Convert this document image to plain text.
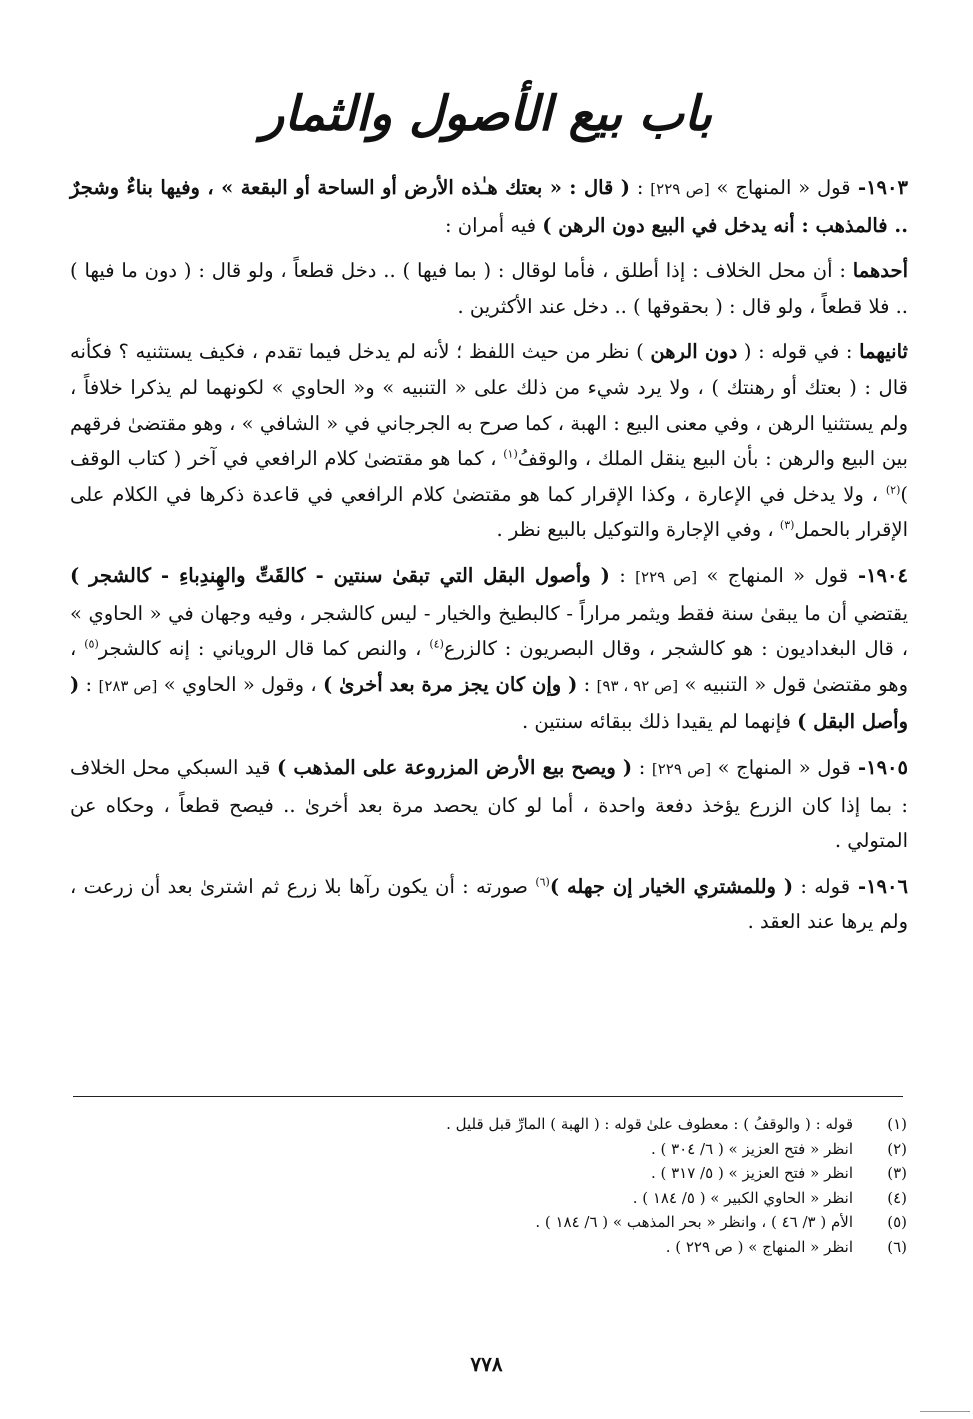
باب بيع الأصول والثمار

١٩٠٣- قول « المنهاج » [ص ٢٢٩] : ( قال : « بعتك هـٰذه الأرض أو الساحة أو البقعة » ، وفيها بناءٌ وشجرٌ .. فالمذهب : أنه يدخل في البيع دون الرهن ) فيه أمران :

أحدهما : أن محل الخلاف : إذا أطلق ، فأما لوقال : ( بما فيها ) .. دخل قطعاً ، ولو قال : ( دون ما فيها ) .. فلا قطعاً ، ولو قال : ( بحقوقها ) .. دخل عند الأكثرين .

ثانيهما : في قوله : ( دون الرهن ) نظر من حيث اللفظ ؛ لأنه لم يدخل فيما تقدم ، فكيف يستثنيه ؟ فكأنه قال : ( بعتك أو رهنتك ) ، ولا يرد شيء من ذلك على « التنبيه » و« الحاوي » لكونهما لم يذكرا خلافاً ، ولم يستثنيا الرهن ، وفي معنى البيع : الهبة ، كما صرح به الجرجاني في « الشافي » ، وهو مقتضىٰ فرقهم بين البيع والرهن : بأن البيع ينقل الملك ، والوقفُ$^{(١)}$ ، كما هو مقتضىٰ كلام الرافعي في آخر ( كتاب الوقف )$^{(٢)}$ ، ولا يدخل في الإعارة ، وكذا الإقرار كما هو مقتضىٰ كلام الرافعي في قاعدة ذكرها في الكلام على الإقرار بالحمل$^{(٣)}$ ، وفي الإجارة والتوكيل بالبيع نظر .

١٩٠٤- قول « المنهاج » [ص ٢٢٩] : ( وأصول البقل التي تبقىٰ سنتين - كالقَتِّ والهِندِباءِ - كالشجر ) يقتضي أن ما يبقىٰ سنة فقط ويثمر مراراً - كالبطيخ والخيار - ليس كالشجر ، وفيه وجهان في « الحاوي » ، قال البغداديون : هو كالشجر ، وقال البصريون : كالزرع$^{(٤)}$ ، والنص كما قال الروياني : إنه كالشجر$^{(٥)}$ ، وهو مقتضىٰ قول « التنبيه » [ص ٩٢ ، ٩٣] : ( وإن كان يجز مرة بعد أخرىٰ ) ، وقول « الحاوي » [ص ٢٨٣] : ( وأصل البقل ) فإنهما لم يقيدا ذلك ببقائه سنتين .

١٩٠٥- قول « المنهاج » [ص ٢٢٩] : ( ويصح بيع الأرض المزروعة على المذهب ) قيد السبكي محل الخلاف : بما إذا كان الزرع يؤخذ دفعة واحدة ، أما لو كان يحصد مرة بعد أخرىٰ .. فيصح قطعاً ، وحكاه عن المتولي .

١٩٠٦- قوله : ( وللمشتري الخيار إن جهله )$^{(٦)}$ صورته : أن يكون رآها بلا زرع ثم اشترىٰ بعد أن زرعت ، ولم يرها عند العقد .

(١)
قوله : ( والوقفُ ) : معطوف علىٰ قوله : ( الهبة ) المارِّ قبل قليل .
(٢)
انظر « فتح العزيز » ( ٦/ ٣٠٤ ) .
(٣)
انظر « فتح العزيز » ( ٥/ ٣١٧ ) .
(٤)
انظر « الحاوي الكبير » ( ٥/ ١٨٤ ) .
(٥)
الأم ( ٣/ ٤٦ ) ، وانظر « بحر المذهب » ( ٦/ ١٨٤ ) .
(٦)
انظر « المنهاج » ( ص ٢٢٩ ) .
٧٧٨
